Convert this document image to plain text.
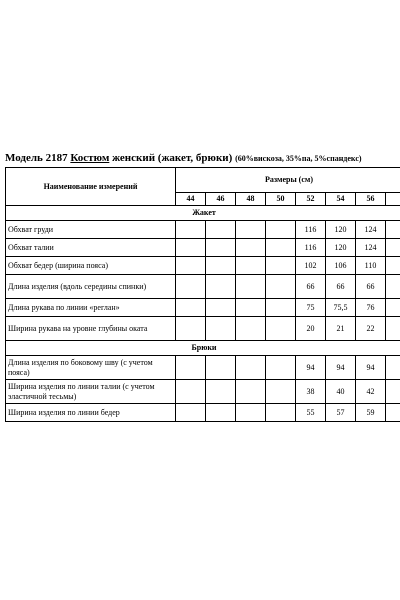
Модель 2187 Костюм женский (жакет, брюки) (60%вискоза, 35%па, 5%спандекс)
Наименование измерений	Размеры (см)							
	44	46	48	50	52	54	56	
Жакет								
Обхват груди					116	120	124	
Обхват талии					116	120	124	
Обхват бедер (ширина пояса)					102	106	110	
Длина изделия (вдоль середины спинки)					66	66	66	
Длина рукава по линии «реглан»					75	75,5	76	
Ширина рукава на уровне глубины оката					20	21	22	
Брюки								
Длина изделия по боковому шву (с учетом пояса)					94	94	94	
Ширина изделия по линии талии (с учетом эластичной тесьмы)					38	40	42	
Ширина изделия по линии бедер					55	57	59	
